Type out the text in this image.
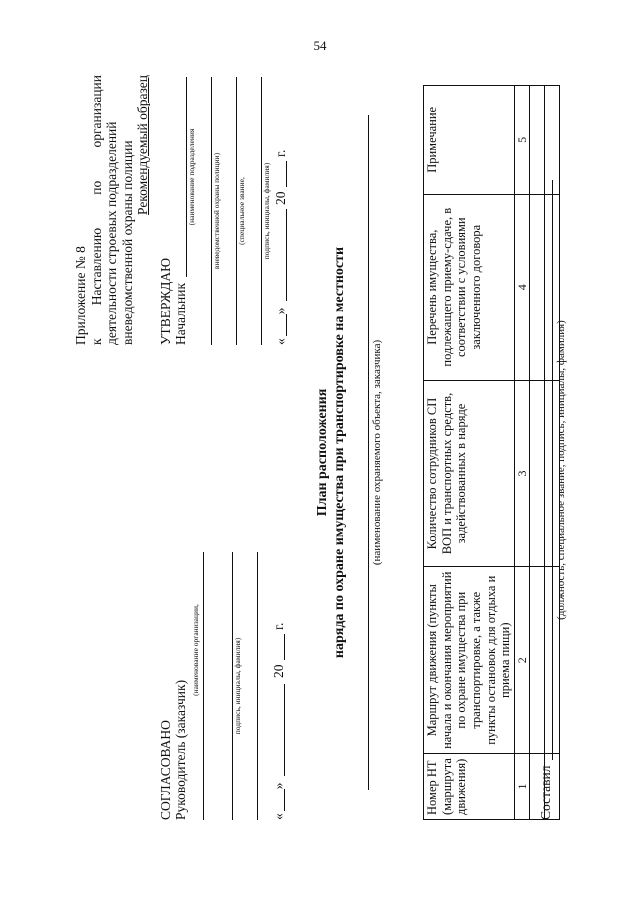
54
Приложение № 8 к Наставлению по организации деятельности строевых подразделений вневедомственной охраны полиции Рекомендуемый образец
УТВЕРЖДАЮ Начальник
(наименование подразделения вневедомственной охраны полиции) (специальное звание, подпись, инициалы, фамилия)
«
»
20
г.
СОГЛАСОВАНО Руководитель (заказчик)
(наименование организации,	подпись, инициалы, фамилия)
«
»
20
г.
План расположения наряда по охране имущества при транспортировке на местности (наименование охраняемого объекта, заказчика)
Номер НТ (маршрута движения)	Маршрут движения (пункты начала и окончания мероприятий по охране имущества при транспортировке, а также пункты остановок для отдыха и приема пищи)	Количество сотрудников СП ВОП и транспортных средств, задействованных в наряде	Перечень имущества, подлежащего приему-сдаче, в соответствии с условиями заключенного договора	Примечание
1	2	3	4	5

Составил
(должность, специальное звание, подпись, инициалы, фамилия)
